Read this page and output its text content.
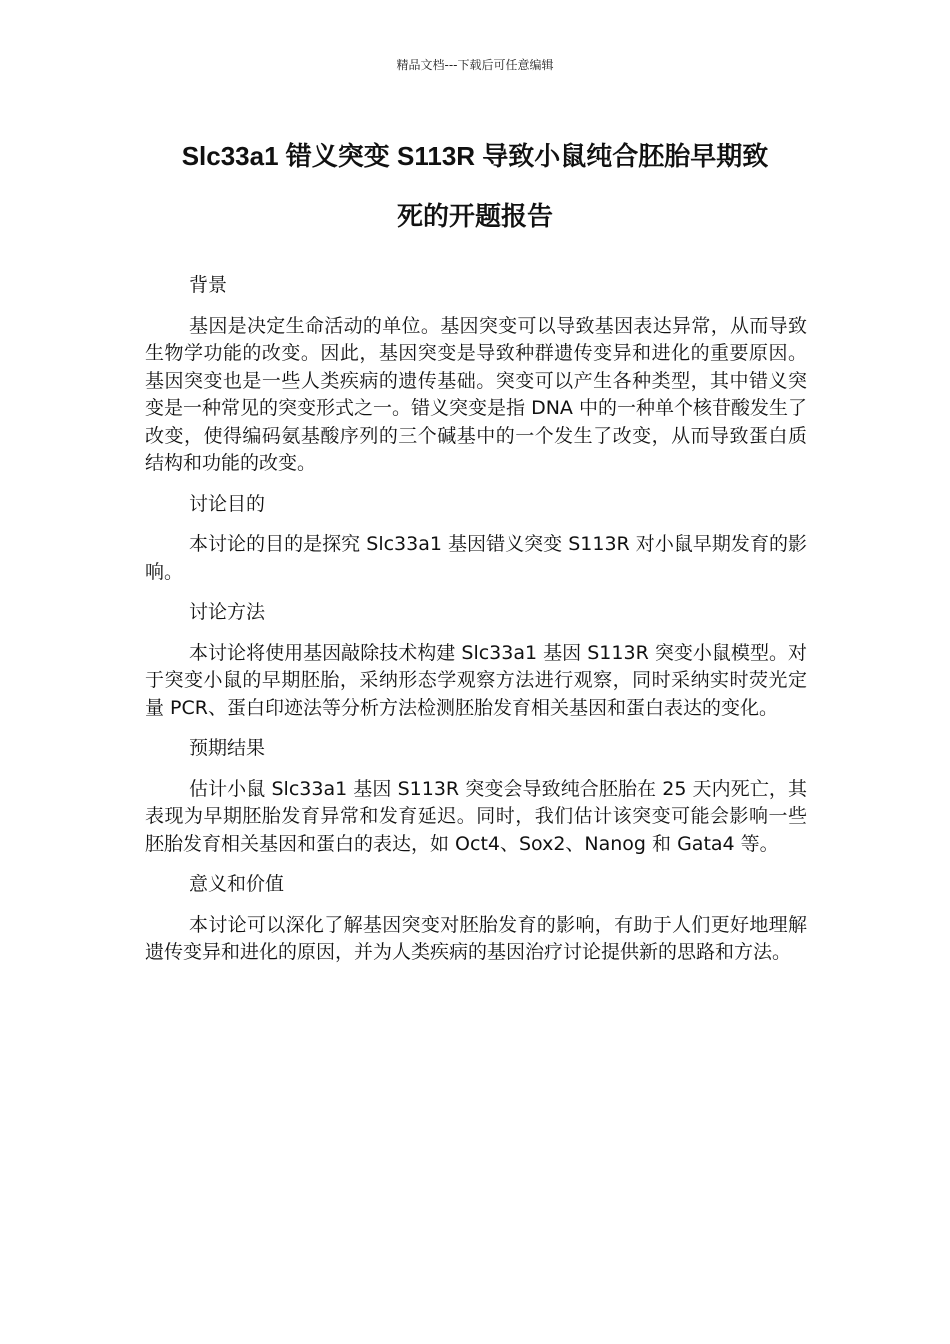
精品文档---下载后可任意编辑
Slc33a1 错义突变 S113R 导致小鼠纯合胚胎早期致
死的开题报告

背景

基因是决定生命活动的单位。基因突变可以导致基因表达异常，从而导致生物学功能的改变。因此，基因突变是导致种群遗传变异和进化的重要原因。基因突变也是一些人类疾病的遗传基础。突变可以产生各种类型，其中错义突变是一种常见的突变形式之一。错义突变是指 DNA 中的一种单个核苷酸发生了改变，使得编码氨基酸序列的三个碱基中的一个发生了改变，从而导致蛋白质结构和功能的改变。

讨论目的

本讨论的目的是探究 Slc33a1 基因错义突变 S113R 对小鼠早期发育的影响。

讨论方法

本讨论将使用基因敲除技术构建 Slc33a1 基因 S113R 突变小鼠模型。对于突变小鼠的早期胚胎，采纳形态学观察方法进行观察，同时采纳实时荧光定量 PCR、蛋白印迹法等分析方法检测胚胎发育相关基因和蛋白表达的变化。

预期结果

估计小鼠 Slc33a1 基因 S113R 突变会导致纯合胚胎在 25 天内死亡，其表现为早期胚胎发育异常和发育延迟。同时，我们估计该突变可能会影响一些胚胎发育相关基因和蛋白的表达，如 Oct4、Sox2、Nanog 和 Gata4 等。

意义和价值

本讨论可以深化了解基因突变对胚胎发育的影响，有助于人们更好地理解遗传变异和进化的原因，并为人类疾病的基因治疗讨论提供新的思路和方法。
